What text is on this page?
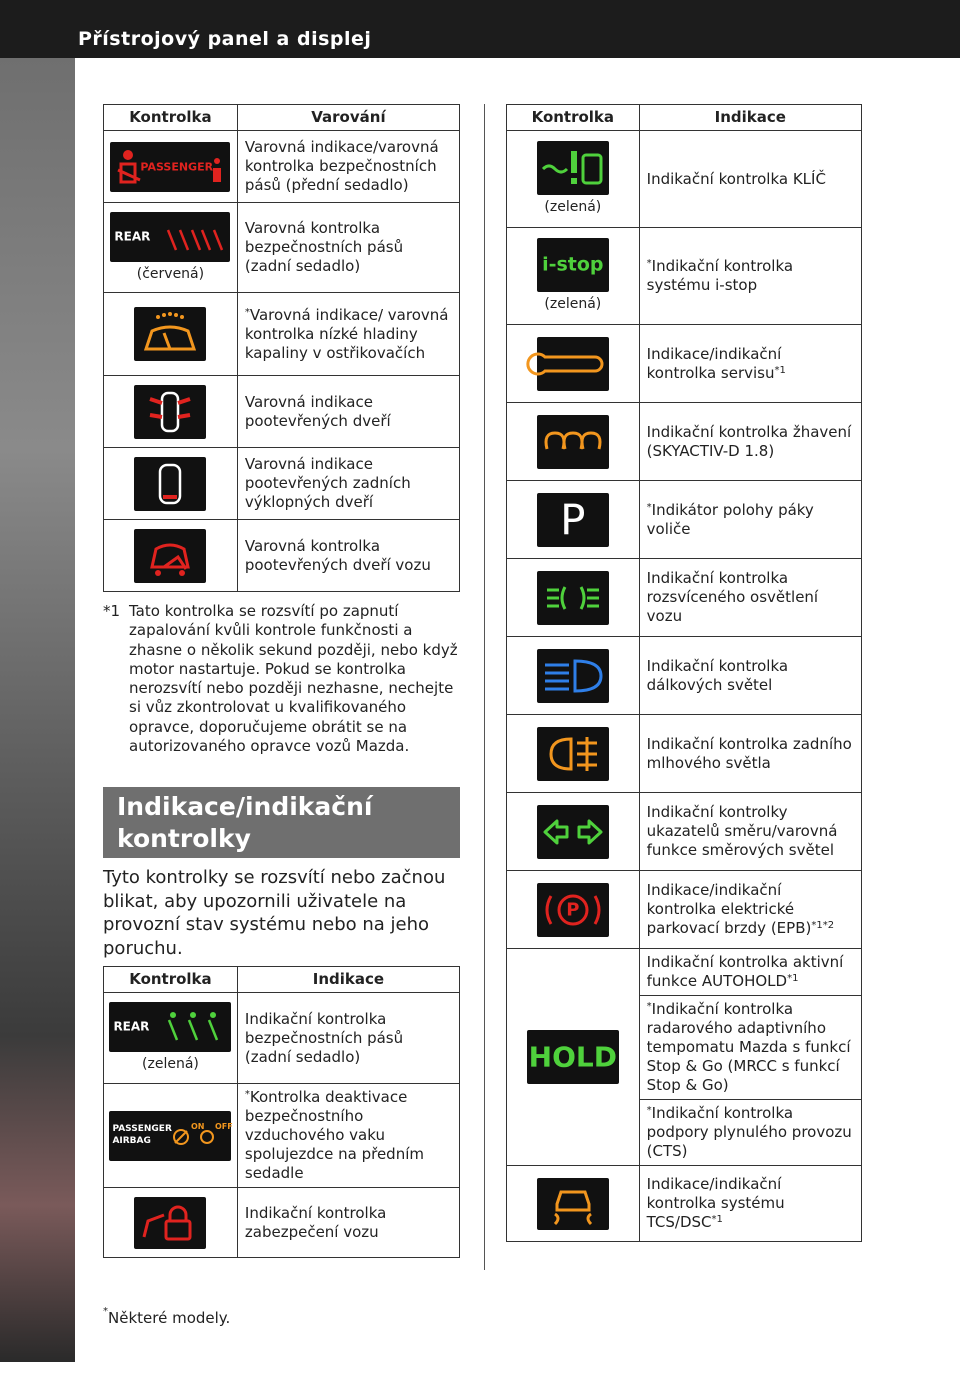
Přístrojový panel a displej
4-16
Kontrolka	Varování

PASSENGER	Varovná indikace/varovná kontrolka bezpečnostních pásů (přední sedadlo)

REAR
(červená)	Varovná kontrolka bezpečnostních pásů (zadní sedadlo)
	*Varovná indikace/ varovná kontrolka nízké hladiny kapaliny v ostřikovačích
	Varovná indikace pootevřených dveří
	Varovná indikace pootevřených zadních výklopných dveří
	Varovná kontrolka pootevřených dveří vozu
*1 Tato kontrolka se rozsvítí po zapnutí
zapalování kvůli kontrole funkčnosti a zhasne o několik sekund později, nebo když motor nastartuje. Pokud se kontrolka nerozsvítí nebo později nezhasne, nechejte si vůz zkontrolovat u kvalifikovaného opravce, doporučujeme obrátit se na autorizovaného opravce vozů Mazda.
Indikace/indikační
kontrolky
Tyto kontrolky se rozsvítí nebo začnou blikat, aby upozornili uživatele na provozní stav systému nebo na jeho poruchu.
Kontrolka	Indikace

REAR
(zelená)	Indikační kontrolka bezpečnostních pásů (zadní sedadlo)

PASSENGER AIRBAG
ON OFF	*Kontrolka deaktivace bezpečnostního vzduchového vaku spolujezdce na předním sedadle
	Indikační kontrolka zabezpečení vozu
Kontrolka	Indikace

(zelená)	Indikační kontrolka KLÍČ

i-stop
(zelená)	*Indikační kontrolka systému i-stop
	Indikace/indikační kontrolka servisu$^{*1}$
	Indikační kontrolka žhavení (SKYACTIV-D 1.8)

P	*Indikátor polohy páky voliče
	Indikační kontrolka rozsvíceného osvětlení vozu
	Indikační kontrolka dálkových světel
	Indikační kontrolka zadního mlhového světla
	Indikační kontrolky ukazatelů směru/varovná funkce směrových světel

P	Indikace/indikační kontrolka elektrické parkovací brzdy (EPB)$^{*1*2}$

HOLD	Indikační kontrolka aktivní funkce AUTOHOLD$^{*1}$
	*Indikační kontrolka radarového adaptivního tempomatu Mazda s funkcí Stop & Go (MRCC s funkcí Stop & Go)
	*Indikační kontrolka podpory plynulého provozu (CTS)
	Indikace/indikační kontrolka systému TCS/DSC$^{*1}$
*Některé modely.
